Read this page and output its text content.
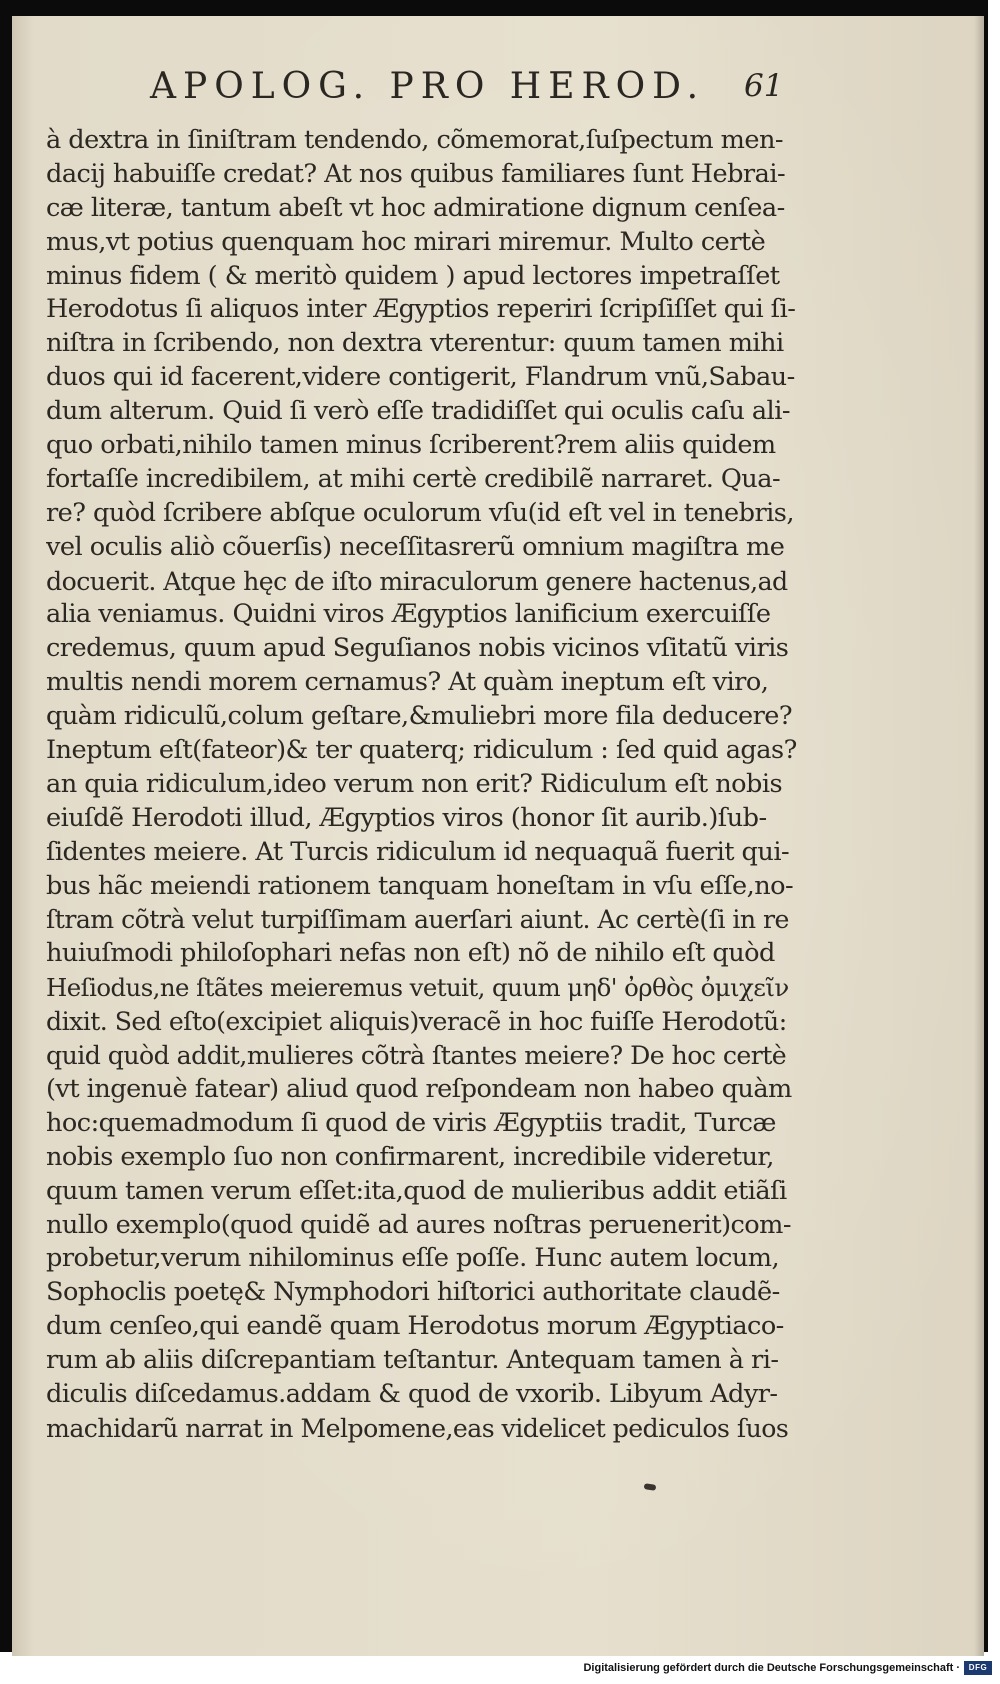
APOLOG. PRO HEROD. 61
à dextra in ſiniſtram tendendo, cõmemorat,ſuſpectum men-
dacij habuiſſe credat? At nos quibus familiares ſunt Hebrai-
cæ literæ, tantum abeſt vt hoc admiratione dignum cenſea-
mus,vt potius quenquam hoc mirari miremur. Multo certè
minus fidem ( & meritò quidem ) apud lectores impetraſſet
Herodotus ſi aliquos inter Ægyptios reperiri ſcripſiſſet qui ſi-
niſtra in ſcribendo, non dextra vterentur: quum tamen mihi
duos qui id facerent,videre contigerit, Flandrum vnũ,Sabau-
dum alterum. Quid ſi verò eſſe tradidiſſet qui oculis caſu ali-
quo orbati,nihilo tamen minus ſcriberent?rem aliis quidem
fortaſſe incredibilem, at mihi certè credibilẽ narraret. Qua-
re? quòd ſcribere abſque oculorum vſu(id eſt vel in tenebris,
vel oculis aliò cõuerſis) neceſſitasrerũ omnium magiſtra me
docuerit. Atque hęc de iſto miraculorum genere hactenus,ad
alia veniamus. Quidni viros Ægyptios lanificium exercuiſſe
credemus, quum apud Seguſianos nobis vicinos vſitatũ viris
multis nendi morem cernamus? At quàm ineptum eſt viro,
quàm ridiculũ,colum geſtare,&muliebri more fila deducere?
Ineptum eſt(fateor)& ter quaterq; ridiculum : ſed quid agas?
an quia ridiculum,ideo verum non erit? Ridiculum eſt nobis
eiuſdẽ Herodoti illud, Ægyptios viros (honor ſit aurib.)ſub-
ſidentes meiere. At Turcis ridiculum id nequaquã fuerit qui-
bus hãc meiendi rationem tanquam honeſtam in vſu eſſe,no-
ſtram cõtrà velut turpiſſimam auerſari aiunt. Ac certè(ſi in re
huiuſmodi philoſophari nefas non eſt) nõ de nihilo eſt quòd
Heſiodus,ne ſtãtes meieremus vetuit, quum μηδ' ὀρθὸς ὀμιχεῖν
dixit. Sed eſto(excipiet aliquis)veracẽ in hoc fuiſſe Herodotũ:
quid quòd addit,mulieres cõtrà ſtantes meiere? De hoc certè
(vt ingenuè fatear) aliud quod reſpondeam non habeo quàm
hoc:quemadmodum ſi quod de viris Ægyptiis tradit, Turcæ
nobis exemplo ſuo non confirmarent, incredibile videretur,
quum tamen verum eſſet:ita,quod de mulieribus addit etiãſi
nullo exemplo(quod quidẽ ad aures noſtras peruenerit)com-
probetur,verum nihilominus eſſe poſſe. Hunc autem locum,
Sophoclis poetę& Nymphodori hiſtorici authoritate claudẽ-
dum cenſeo,qui eandẽ quam Herodotus morum Ægyptiaco-
rum ab aliis diſcrepantiam teſtantur. Antequam tamen à ri-
diculis diſcedamus.addam & quod de vxorib. Libyum Adyr-
machidarũ narrat in Melpomene,eas videlicet pediculos ſuos
Digitalisierung gefördert durch die Deutsche Forschungsgemeinschaft ·	DFG
